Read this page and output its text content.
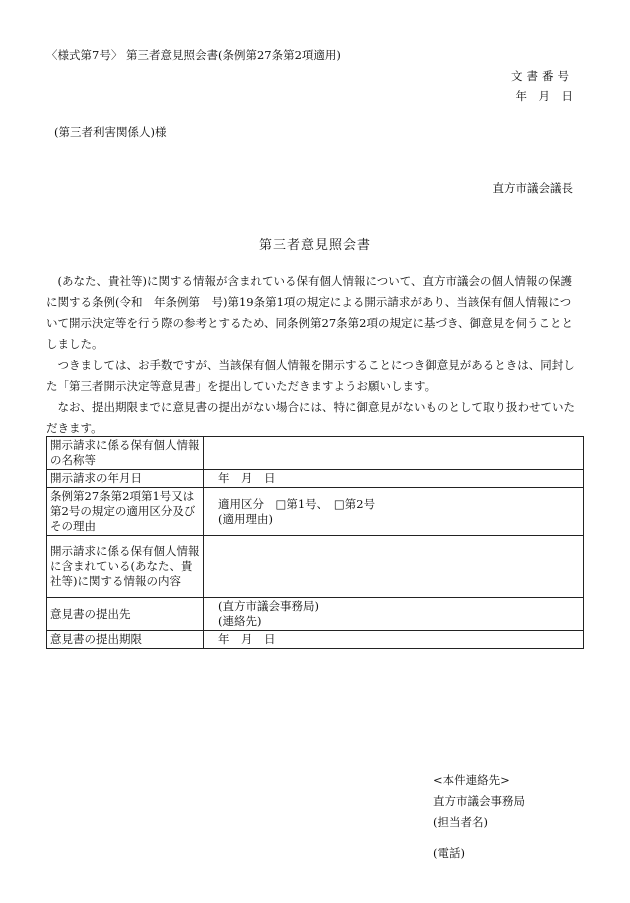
〈様式第7号〉 第三者意見照会書(条例第27条第2項適用)
文書番号
年　月　日
(第三者利害関係人)様
直方市議会議長
第三者意見照会書

(あなた、貴社等)に関する情報が含まれている保有個人情報について、直方市議会の個人情報の保護に関する条例(令和　年条例第　号)第19条第1項の規定による開示請求があり、当該保有個人情報について開示決定等を行う際の参考とするため、同条例第27条第2項の規定に基づき、御意見を伺うこととしました。

つきましては、お手数ですが、当該保有個人情報を開示することにつき御意見があるときは、同封した「第三者開示決定等意見書」を提出していただきますようお願いします。

なお、提出期限までに意見書の提出がない場合には、特に御意見がないものとして取り扱わせていただきます。

開示請求に係る保有個人情報の名称等	
開示請求の年月日	年　月　日
条例第27条第2項第1号又は第2号の規定の適用区分及びその理由	適用区分　□第1号、　□第2号
(適用理由)

開示請求に係る保有個人情報に含まれている(あなた、貴社等)に関する情報の内容	
意見書の提出先	(直方市議会事務局)
(連絡先)

意見書の提出期限	年　月　日
<本件連絡先>
直方市議会事務局
(担当者名)
(電話)
